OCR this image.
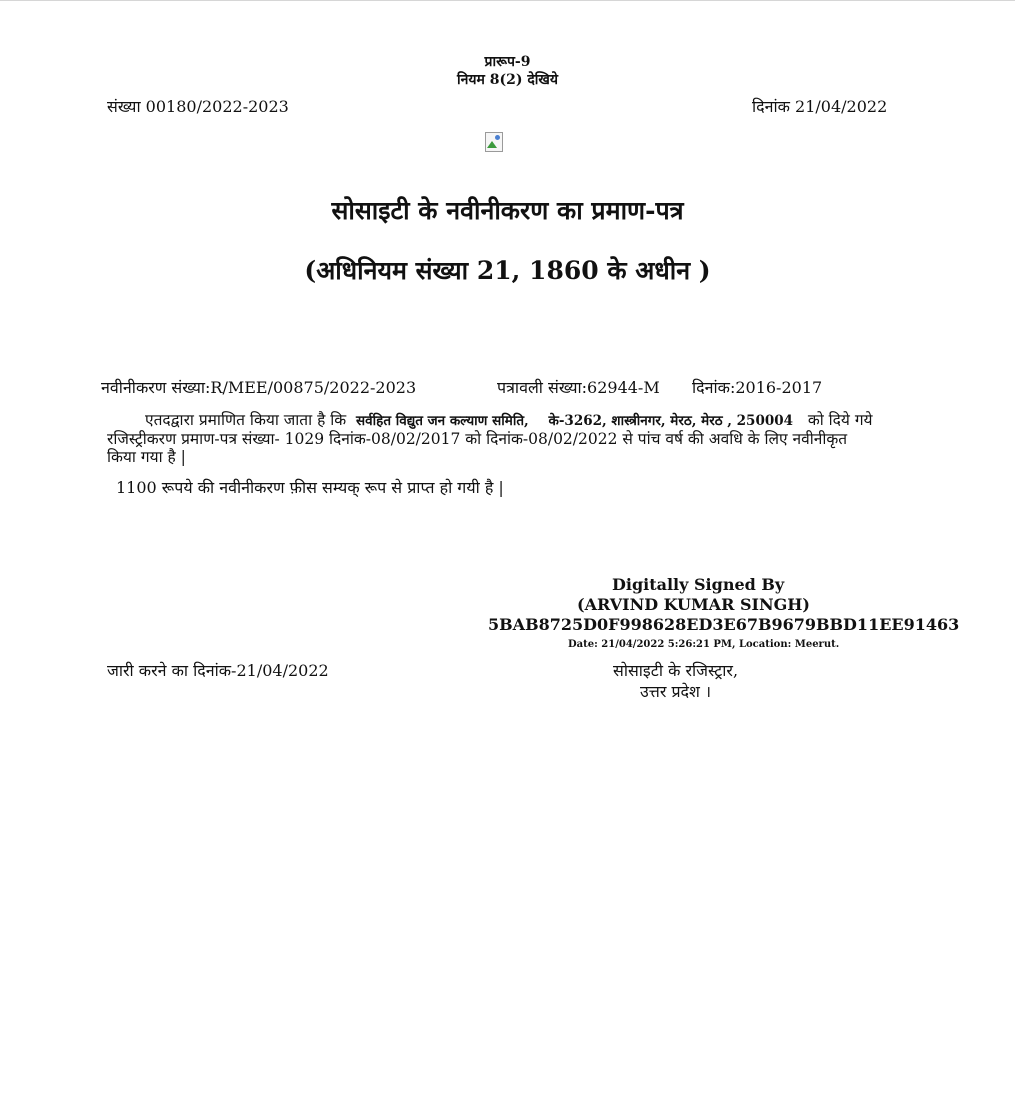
प्रारूप-9
नियम 8(2) देखिये
संख्या 00180/2022-2023	दिनांक 21/04/2022
सोसाइटी के नवीनीकरण का प्रमाण-पत्र
(अधिनियम संख्या 21, 1860 के अधीन )
नवीनीकरण संख्या:R/MEE/00875/2022-2023	पत्रावली संख्या:62944-M दिनांक:2016-2017
एतदद्वारा प्रमाणित किया जाता है कि सर्वहित विद्युत जन कल्याण समिति, के-3262, शास्त्रीनगर, मेरठ, मेरठ , 250004 को दिये गये रजिस्ट्रीकरण प्रमाण-पत्र संख्या- 1029 दिनांक-08/02/2017 को दिनांक-08/02/2022 से पांच वर्ष की अवधि के लिए नवीनीकृत किया गया है |
1100 रूपये की नवीनीकरण फ़ीस सम्यक् रूप से प्राप्त हो गयी है |
Digitally Signed By
(ARVIND KUMAR SINGH)
5BAB8725D0F998628ED3E67B9679BBD11EE91463
Date: 21/04/2022 5:26:21 PM, Location: Meerut.
जारी करने का दिनांक-21/04/2022	सोसाइटी के रजिस्ट्रार,
उत्तर प्रदेश ।
